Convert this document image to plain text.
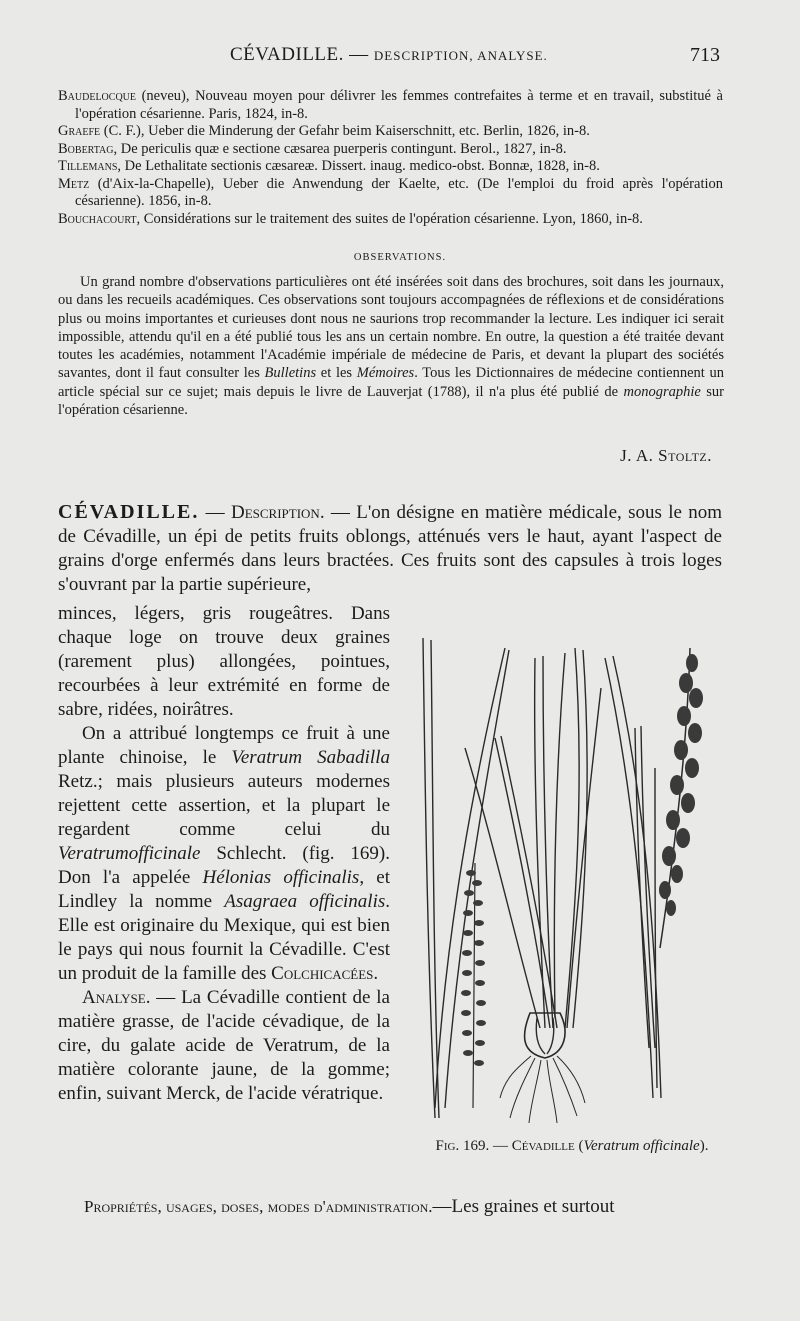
CÉVADILLE. — DESCRIPTION, ANALYSE.	713
Baudelocque (neveu), Nouveau moyen pour délivrer les femmes contrefaites à terme et en travail, substitué à l'opération césarienne. Paris, 1824, in-8.
Graefe (C. F.), Ueber die Minderung der Gefahr beim Kaiserschnitt, etc. Berlin, 1826, in-8.
Bobertag, De periculis quæ e sectione cæsarea puerperis contingunt. Berol., 1827, in-8.
Tillemans, De Lethalitate sectionis cæsareæ. Dissert. inaug. medico-obst. Bonnæ, 1828, in-8.
Metz (d'Aix-la-Chapelle), Ueber die Anwendung der Kaelte, etc. (De l'emploi du froid après l'opération césarienne). 1856, in-8.
Bouchacourt, Considérations sur le traitement des suites de l'opération césarienne. Lyon, 1860, in-8.
OBSERVATIONS.
Un grand nombre d'observations particulières ont été insérées soit dans des brochures, soit dans les journaux, ou dans les recueils académiques. Ces observations sont toujours accompagnées de réflexions et de considérations plus ou moins importantes et curieuses dont nous ne saurions trop recommander la lecture. Les indiquer ici serait impossible, attendu qu'il en a été publié tous les ans un certain nombre. En outre, la question a été traitée devant toutes les académies, notamment l'Académie impériale de médecine de Paris, et devant la plupart des sociétés savantes, dont il faut consulter les Bulletins et les Mémoires. Tous les Dictionnaires de médecine contiennent un article spécial sur ce sujet; mais depuis le livre de Lauverjat (1788), il n'a plus été publié de monographie sur l'opération césarienne.
J. A. Stoltz.
CÉVADILLE. — Description. — L'on désigne en matière médicale, sous le nom de Cévadille, un épi de petits fruits oblongs, atténués vers le haut, ayant l'aspect de grains d'orge enfermés dans leurs bractées. Ces fruits sont des capsules à trois loges s'ouvrant par la partie supérieure,

minces, légers, gris rougeâtres. Dans chaque loge on trouve deux graines (rarement plus) allongées, pointues, recourbées à leur extrémité en forme de sabre, ridées, noirâtres.

On a attribué longtemps ce fruit à une plante chinoise, le Veratrum Sabadilla Retz.; mais plusieurs auteurs modernes rejettent cette assertion, et la plupart le regardent comme celui du Veratrumofficinale Schlecht. (fig. 169). Don l'a appelée Hélonias officinalis, et Lindley la nomme Asagraea officinalis. Elle est originaire du Mexique, qui est bien le pays qui nous fournit la Cévadille. C'est un produit de la famille des Colchicacées.

Analyse. — La Cévadille contient de la matière grasse, de l'acide cévadique, de la cire, du galate acide de Veratrum, de la matière colorante jaune, de la gomme; enfin, suivant Merck, de l'acide vératrique.

Fig. 169. — Cévadille (Veratrum officinale).
Propriétés, usages, doses, modes d'administration.—Les graines et surtout
